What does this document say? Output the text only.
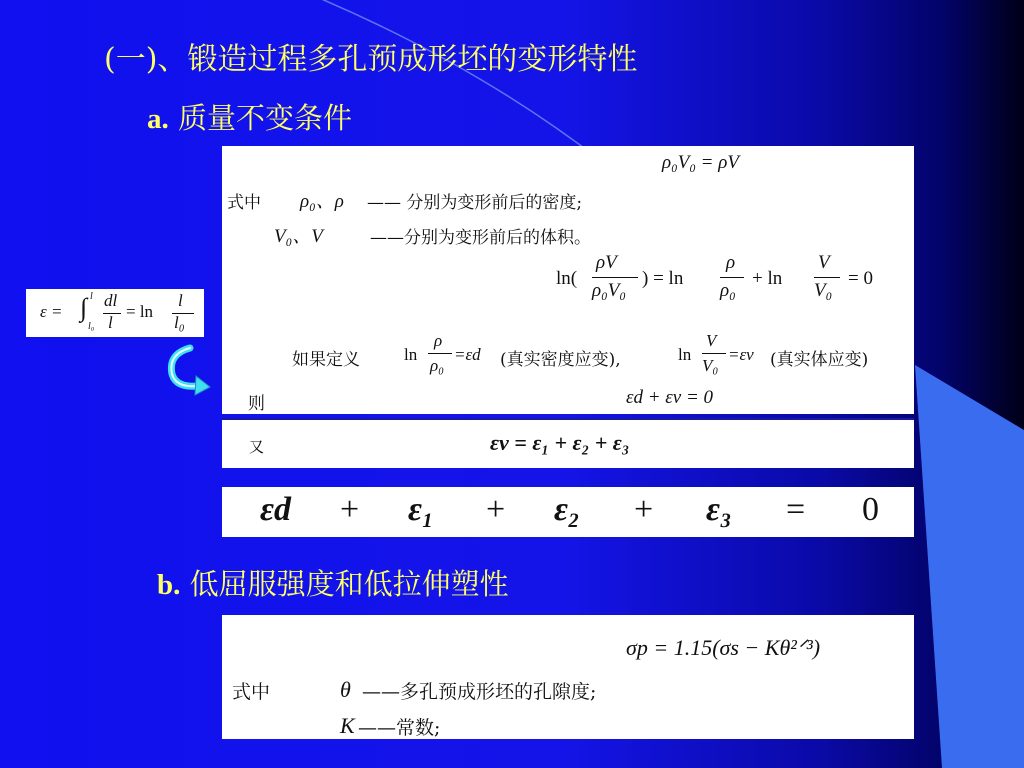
(一)、锻造过程多孔预成形坯的变形特性
a. 质量不变条件
ε = ∫ l
l₀
dl
l
= ln
l
l₀
ρ₀V₀ = ρV
式中 ρ₀、ρ —— 分别为变形前后的密度;
V₀、V	——分别为变形前后的体积。
ln(
ρV
ρ₀V₀
) = ln
ρ
ρ₀
+ ln
V
V₀
= 0
如果定义	ln
ρ
ρ₀
=εd (真实密度应变),	ln
V
V₀
=εv (真实体应变)
则	εd + εv = 0
又	εv = ε₁ + ε₂ + ε₃
εd + ε₁ + ε₂ + ε₃ = 0
b. 低屈服强度和低拉伸塑性
σp = 1.15(σs − Kθ²ᐟ³)
式中	θ ——多孔预成形坯的孔隙度;
K ——常数;
